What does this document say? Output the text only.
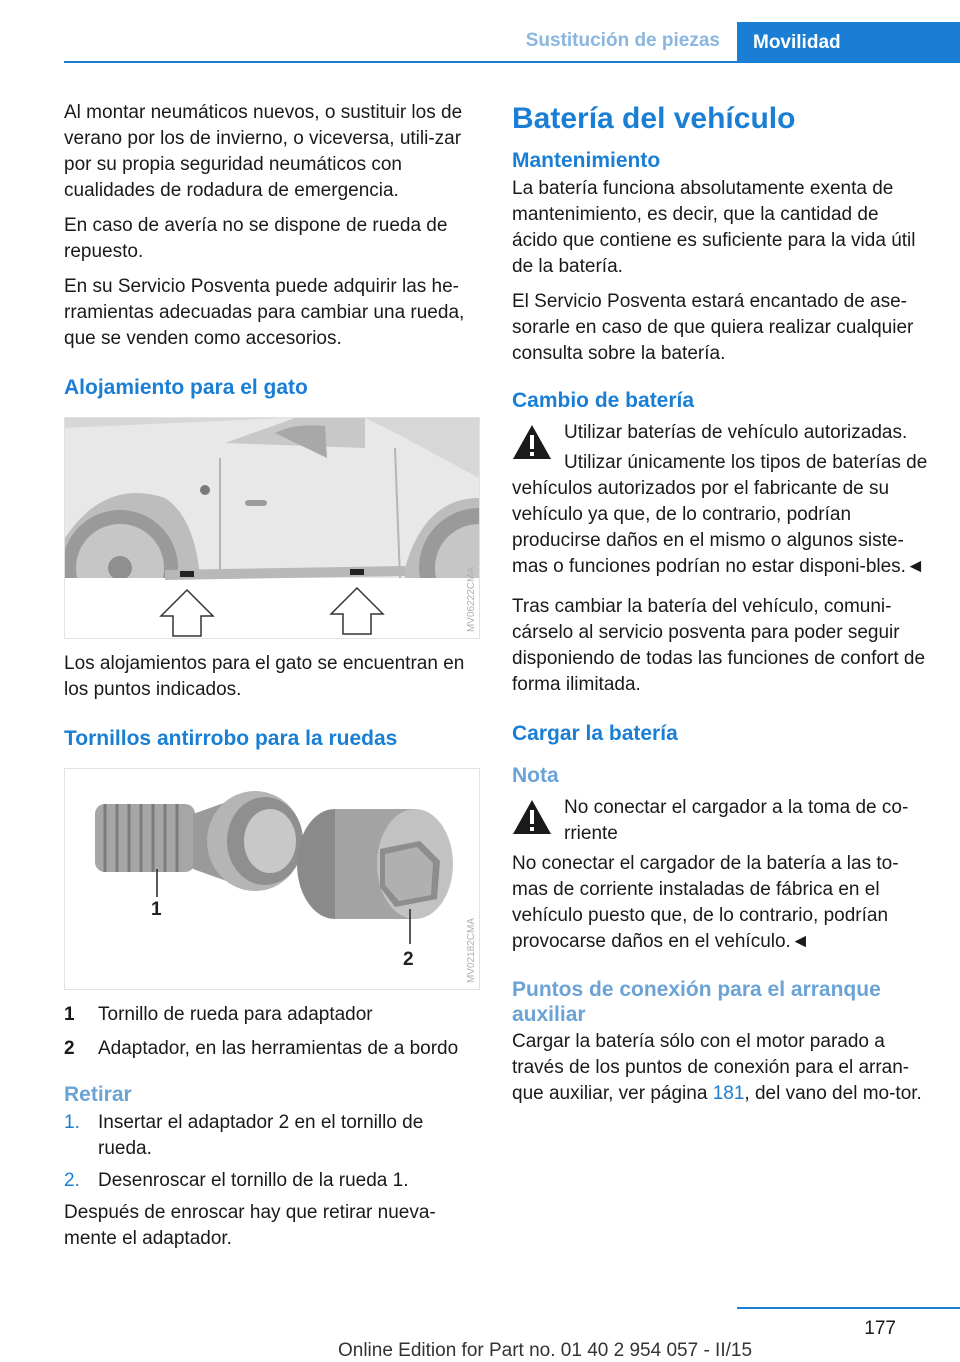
Sustitución de piezas	Movilidad

Al montar neumáticos nuevos, o sustituir los de verano por los de invierno, o viceversa, utili‐zar por su propia seguridad neumáticos con cualidades de rodadura de emergencia.

En caso de avería no se dispone de rueda de repuesto.

En su Servicio Posventa puede adquirir las he‐rramientas adecuadas para cambiar una rueda, que se venden como accesorios.

Alojamiento para el gato
MV06222CMA

Los alojamientos para el gato se encuentran en los puntos indicados.

Tornillos antirrobo para la ruedas
1
2	MV02182CMA
1	Tornillo de rueda para adaptador
2	Adaptador, en las herramientas de a bordo
Retirar
1. Insertar el adaptador 2 en el tornillo de rueda.
2. Desenroscar el tornillo de la rueda 1.

Después de enroscar hay que retirar nueva‐mente el adaptador.

Batería del vehículo
Mantenimiento

La batería funciona absolutamente exenta de mantenimiento, es decir, que la cantidad de ácido que contiene es suficiente para la vida útil de la batería.

El Servicio Posventa estará encantado de ase‐sorarle en caso de que quiera realizar cualquier consulta sobre la batería.

Cambio de batería

Utilizar baterías de vehículo autorizadas.

Utilizar únicamente los tipos de baterías de vehículos autorizados por el fabricante de su vehículo ya que, de lo contrario, podrían producirse daños en el mismo o algunos siste‐mas o funciones podrían no estar disponi‐bles.◄

Tras cambiar la batería del vehículo, comuni‐cárselo al servicio posventa para poder seguir disponiendo de todas las funciones de confort de forma ilimitada.

Cargar la batería
Nota

No conectar el cargador a la toma de co‐rriente

No conectar el cargador de la batería a las to‐mas de corriente instaladas de fábrica en el vehículo puesto que, de lo contrario, podrían provocarse daños en el vehículo.◄

Puntos de conexión para el arranque auxiliar

Cargar la batería sólo con el motor parado a través de los puntos de conexión para el arran‐que auxiliar, ver página 181, del vano del mo‐tor.

177
Online Edition for Part no. 01 40 2 954 057 - II/15
